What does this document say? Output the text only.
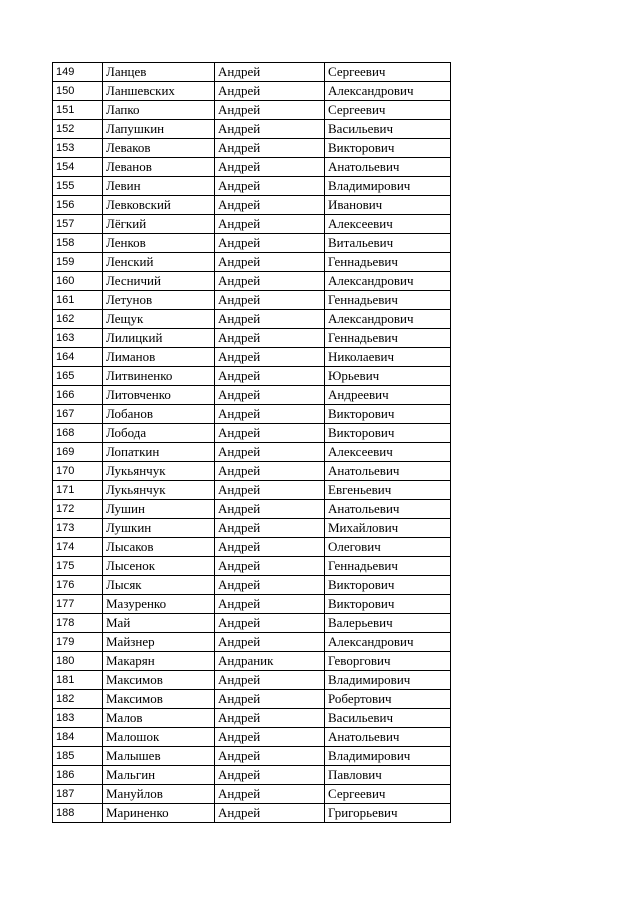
149	Ланцев	Андрей	Сергеевич
150	Ланшевских	Андрей	Александрович
151	Лапко	Андрей	Сергеевич
152	Лапушкин	Андрей	Васильевич
153	Леваков	Андрей	Викторович
154	Леванов	Андрей	Анатольевич
155	Левин	Андрей	Владимирович
156	Левковский	Андрей	Иванович
157	Лёгкий	Андрей	Алексеевич
158	Ленков	Андрей	Витальевич
159	Ленский	Андрей	Геннадьевич
160	Лесничий	Андрей	Александрович
161	Летунов	Андрей	Геннадьевич
162	Лещук	Андрей	Александрович
163	Лилицкий	Андрей	Геннадьевич
164	Лиманов	Андрей	Николаевич
165	Литвиненко	Андрей	Юрьевич
166	Литовченко	Андрей	Андреевич
167	Лобанов	Андрей	Викторович
168	Лобода	Андрей	Викторович
169	Лопаткин	Андрей	Алексеевич
170	Лукьянчук	Андрей	Анатольевич
171	Лукьянчук	Андрей	Евгеньевич
172	Лушин	Андрей	Анатольевич
173	Лушкин	Андрей	Михайлович
174	Лысаков	Андрей	Олегович
175	Лысенок	Андрей	Геннадьевич
176	Лысяк	Андрей	Викторович
177	Мазуренко	Андрей	Викторович
178	Май	Андрей	Валерьевич
179	Майзнер	Андрей	Александрович
180	Макарян	Андраник	Геворгович
181	Максимов	Андрей	Владимирович
182	Максимов	Андрей	Робертович
183	Малов	Андрей	Васильевич
184	Малошок	Андрей	Анатольевич
185	Малышев	Андрей	Владимирович
186	Мальгин	Андрей	Павлович
187	Мануйлов	Андрей	Сергеевич
188	Мариненко	Андрей	Григорьевич
